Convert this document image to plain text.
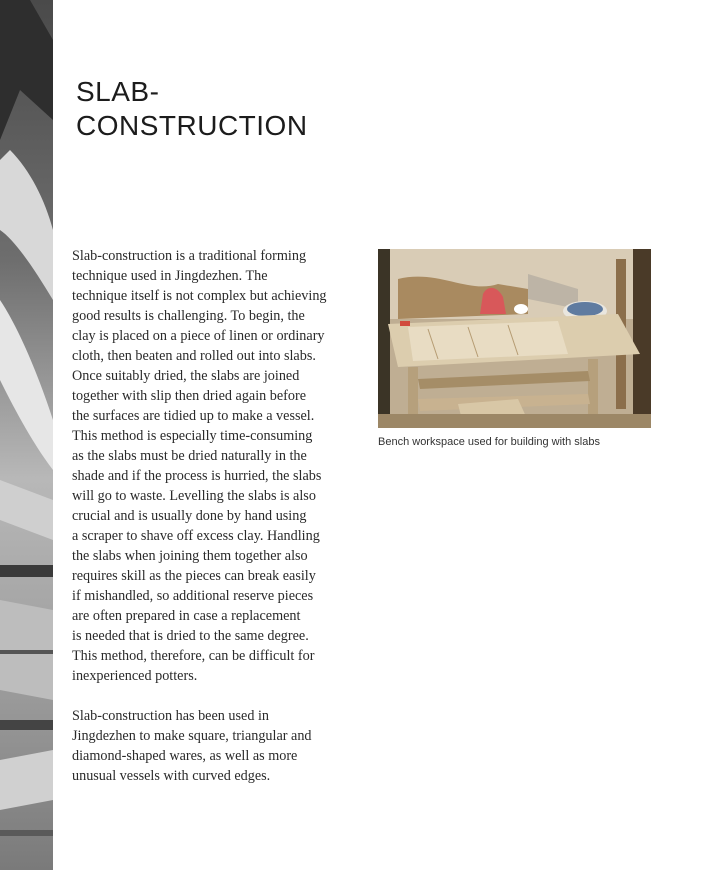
SLAB-
CONSTRUCTION

Slab-construction is a traditional forming
technique used in Jingdezhen. The
technique itself is not complex but achieving
good results is challenging. To begin, the
clay is placed on a piece of linen or ordinary
cloth, then beaten and rolled out into slabs.
Once suitably dried, the slabs are joined
together with slip then dried again before
the surfaces are tidied up to make a vessel.
This method is especially time-consuming
as the slabs must be dried naturally in the
shade and if the process is hurried, the slabs
will go to waste. Levelling the slabs is also
crucial and is usually done by hand using
a scraper to shave off excess clay. Handling
the slabs when joining them together also
requires skill as the pieces can break easily
if mishandled, so additional reserve pieces
are often prepared in case a replacement
is needed that is dried to the same degree.
This method, therefore, can be difficult for
inexperienced potters.

Slab-construction has been used in
Jingdezhen to make square, triangular and
diamond-shaped wares, as well as more
unusual vessels with curved edges.

Bench workspace used for building with slabs
